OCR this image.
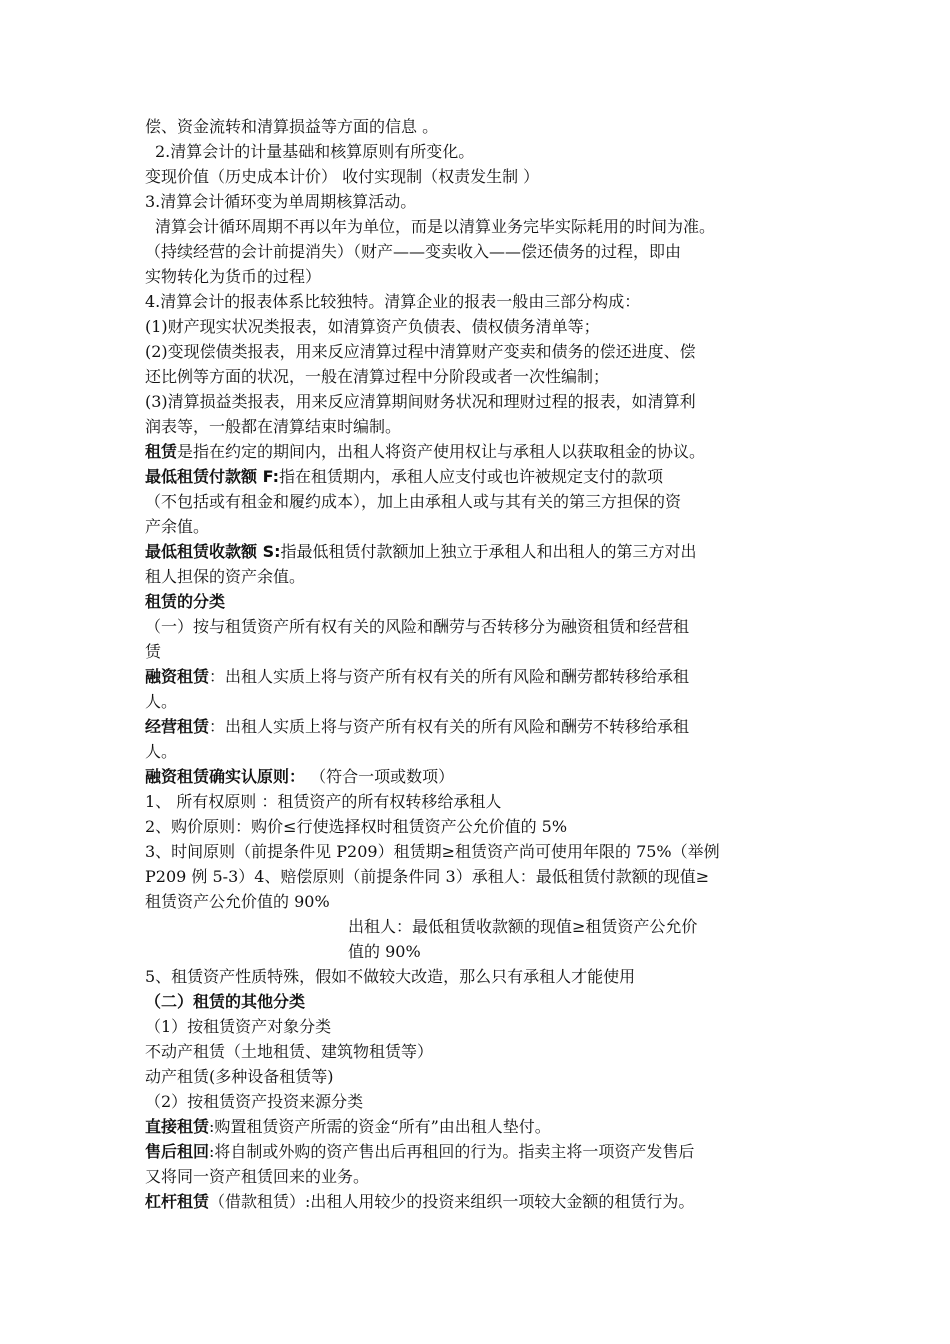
偿、资金流转和清算损益等方面的信息 。

2.清算会计的计量基础和核算原则有所变化。

变现价值（历史成本计价） 收付实现制（权责发生制 ）

3.清算会计循环变为单周期核算活动。

清算会计循环周期不再以年为单位，而是以清算业务完毕实际耗用的时间为准。

（持续经营的会计前提消失）（财产——变卖收入——偿还债务的过程，即由

实物转化为货币的过程）

4.清算会计的报表体系比较独特。清算企业的报表一般由三部分构成：

(1)财产现实状况类报表，如清算资产负债表、债权债务清单等；

(2)变现偿债类报表，用来反应清算过程中清算财产变卖和债务的偿还进度、偿

还比例等方面的状况，一般在清算过程中分阶段或者一次性编制；

(3)清算损益类报表，用来反应清算期间财务状况和理财过程的报表，如清算利

润表等，一般都在清算结束时编制。

租赁是指在约定的期间内，出租人将资产使用权让与承租人以获取租金的协议。

最低租赁付款额 F:指在租赁期内，承租人应支付或也许被规定支付的款项

（不包括或有租金和履约成本），加上由承租人或与其有关的第三方担保的资

产余值。

最低租赁收款额 S:指最低租赁付款额加上独立于承租人和出租人的第三方对出

租人担保的资产余值。

租赁的分类

（一）按与租赁资产所有权有关的风险和酬劳与否转移分为融资租赁和经营租

赁

融资租赁：出租人实质上将与资产所有权有关的所有风险和酬劳都转移给承租

人。

经营租赁：出租人实质上将与资产所有权有关的所有风险和酬劳不转移给承租

人。

融资租赁确实认原则： （符合一项或数项）

1、 所有权原则 ：租赁资产的所有权转移给承租人

2、购价原则：购价≤行使选择权时租赁资产公允价值的 5%

3、时间原则（前提条件见 P209）租赁期≥租赁资产尚可使用年限的 75%（举例

P209 例 5-3）4、赔偿原则（前提条件同 3）承租人：最低租赁付款额的现值≥

租赁资产公允价值的 90%

出租人：最低租赁收款额的现值≥租赁资产公允价

值的 90%

5、租赁资产性质特殊，假如不做较大改造，那么只有承租人才能使用

（二）租赁的其他分类

（1）按租赁资产对象分类

不动产租赁（土地租赁、建筑物租赁等）

动产租赁(多种设备租赁等)

（2）按租赁资产投资来源分类

直接租赁:购置租赁资产所需的资金“所有”由出租人垫付。

售后租回:将自制或外购的资产售出后再租回的行为。指卖主将一项资产发售后

又将同一资产租赁回来的业务。

杠杆租赁（借款租赁）:出租人用较少的投资来组织一项较大金额的租赁行为。
